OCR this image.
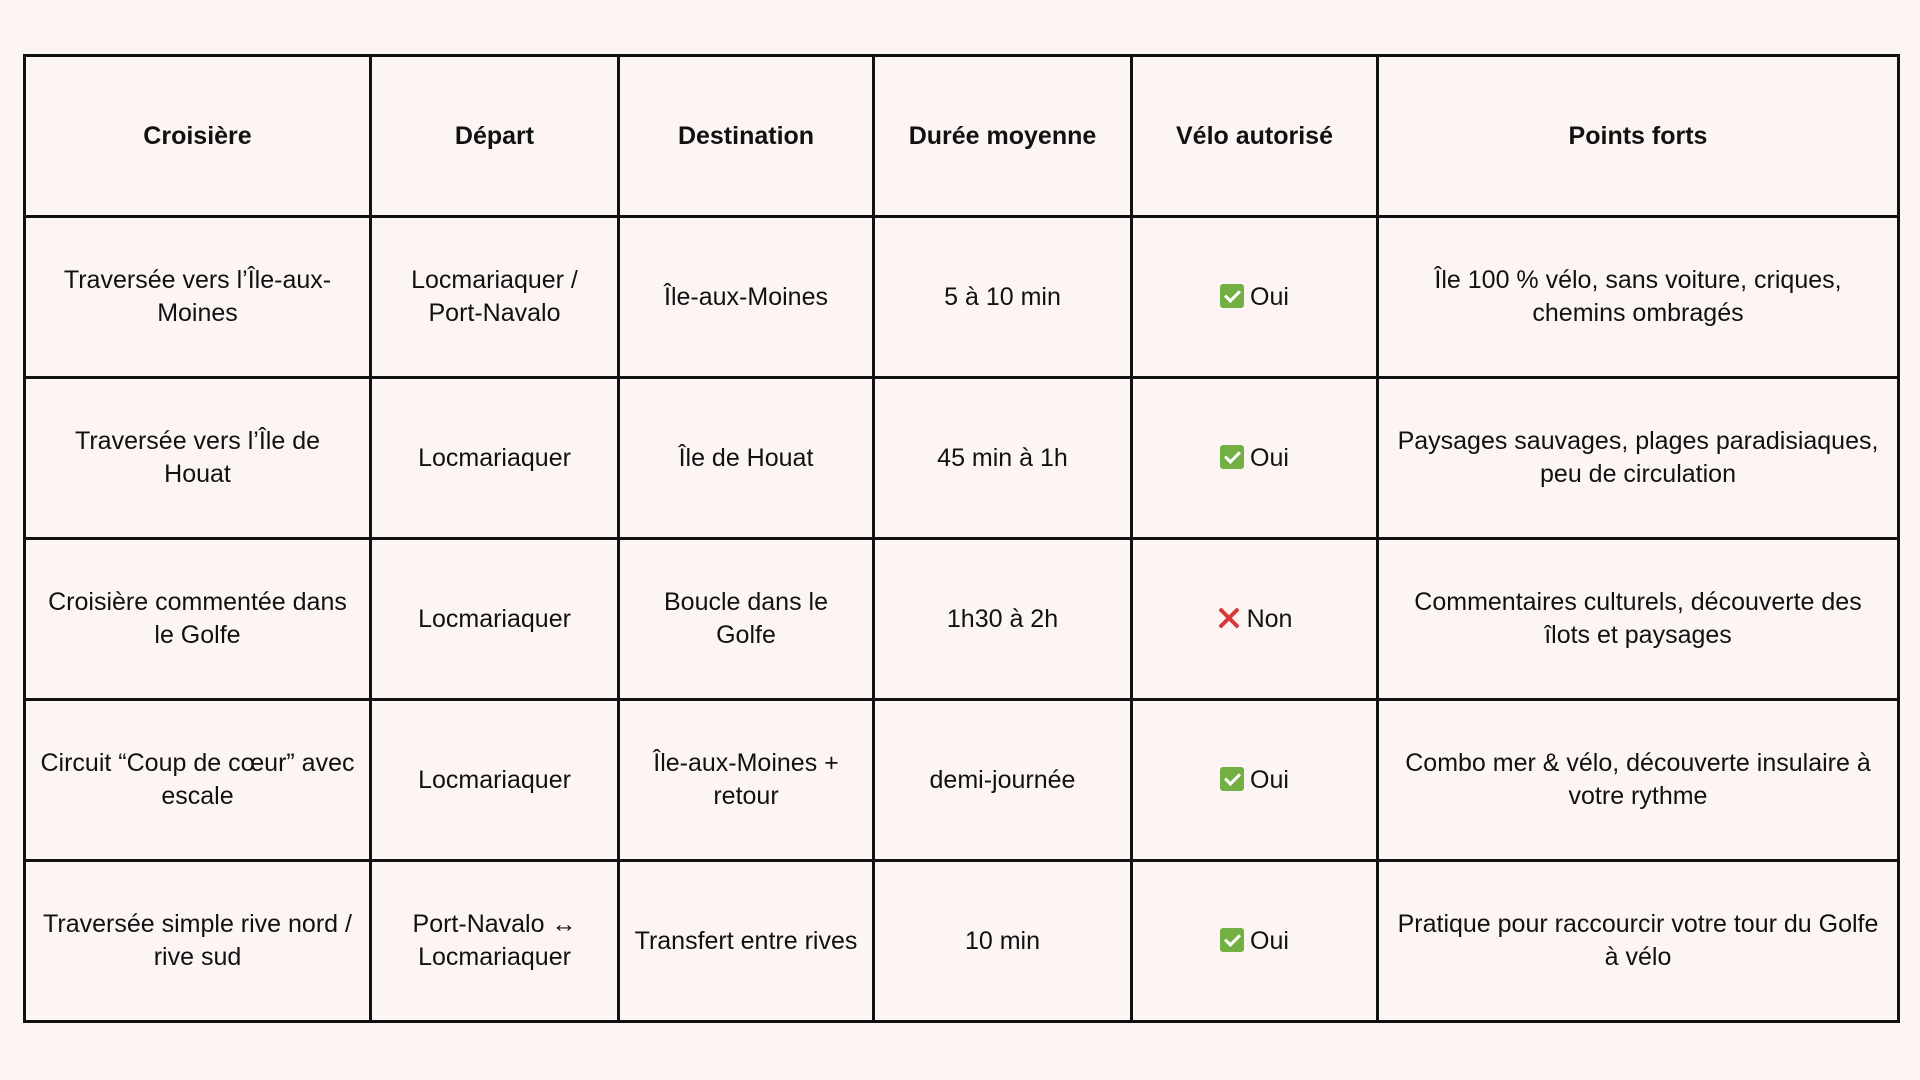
Croisière	Départ	Destination	Durée moyenne	Vélo autorisé	Points forts
Traversée vers l’Île-aux-Moines	Locmariaquer / Port-Navalo	Île-aux-Moines	5 à 10 min	Oui	Île 100 % vélo, sans voiture, criques, chemins ombragés
Traversée vers l’Île de Houat	Locmariaquer	Île de Houat	45 min à 1h	Oui	Paysages sauvages, plages paradisiaques, peu de circulation
Croisière commentée dans le Golfe	Locmariaquer	Boucle dans le Golfe	1h30 à 2h	Non	Commentaires culturels, découverte des îlots et paysages
Circuit “Coup de cœur” avec escale	Locmariaquer	Île-aux-Moines + retour	demi-journée	Oui	Combo mer & vélo, découverte insulaire à votre rythme
Traversée simple rive nord / rive sud	Port-Navalo ↔ Locmariaquer	Transfert entre rives	10 min	Oui	Pratique pour raccourcir votre tour du Golfe à vélo
